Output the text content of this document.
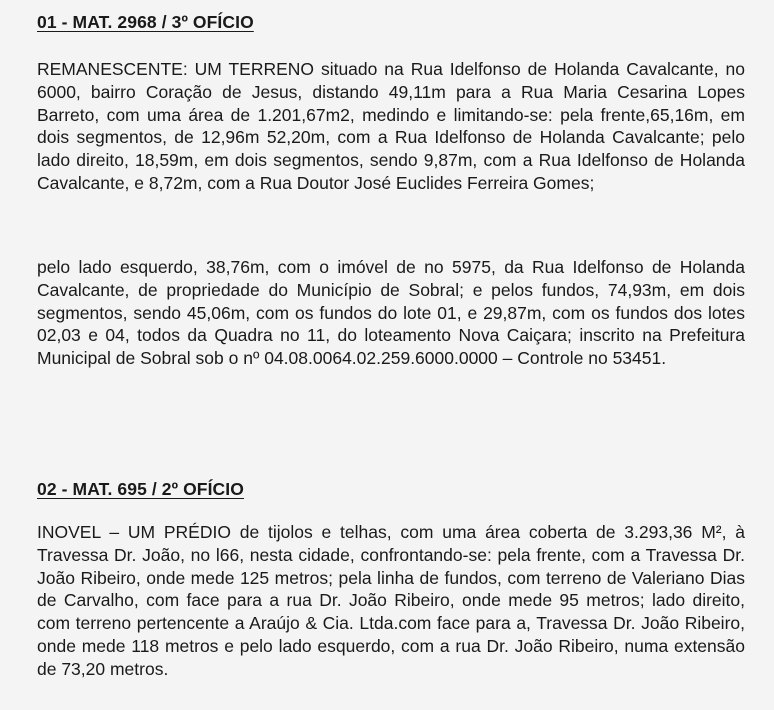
01 - MAT. 2968 / 3º OFÍCIO

REMANESCENTE: UM TERRENO situado na Rua Idelfonso de Holanda Cavalcante, no 6000, bairro Coração de Jesus, distando 49,11m para a Rua Maria Cesarina Lopes Barreto, com uma área de 1.201,67m2, medindo e limitando-se: pela frente,65,16m, em dois segmentos, de 12,96m 52,20m, com a Rua Idelfonso de Holanda Cavalcante; pelo lado direito, 18,59m, em dois segmentos, sendo 9,87m, com a Rua Idelfonso de Holanda Cavalcante, e 8,72m, com a Rua Doutor José Euclides Ferreira Gomes;

pelo lado esquerdo, 38,76m, com o imóvel de no 5975, da Rua Idelfonso de Holanda Cavalcante, de propriedade do Município de Sobral; e pelos fundos, 74,93m, em dois segmentos, sendo 45,06m, com os fundos do lote 01, e 29,87m, com os fundos dos lotes 02,03 e 04, todos da Quadra no 11, do loteamento Nova Caiçara; inscrito na Prefeitura Municipal de Sobral sob o nº 04.08.0064.02.259.6000.0000 – Controle no 53451.

02 - MAT. 695 / 2º OFÍCIO

INOVEL – UM PRÉDIO de tijolos e telhas, com uma área coberta de 3.293,36 M², à Travessa Dr. João, no l66, nesta cidade, confrontando-se: pela frente, com a Travessa Dr. João Ribeiro, onde mede 125 metros; pela linha de fundos, com terreno de Valeriano Dias de Carvalho, com face para a rua Dr. João Ribeiro, onde mede 95 metros; lado direito, com terreno pertencente a Araújo & Cia. Ltda.com face para a, Travessa Dr. João Ribeiro, onde mede 118 metros e pelo lado esquerdo, com a rua Dr. João Ribeiro, numa extensão de 73,20 metros.
